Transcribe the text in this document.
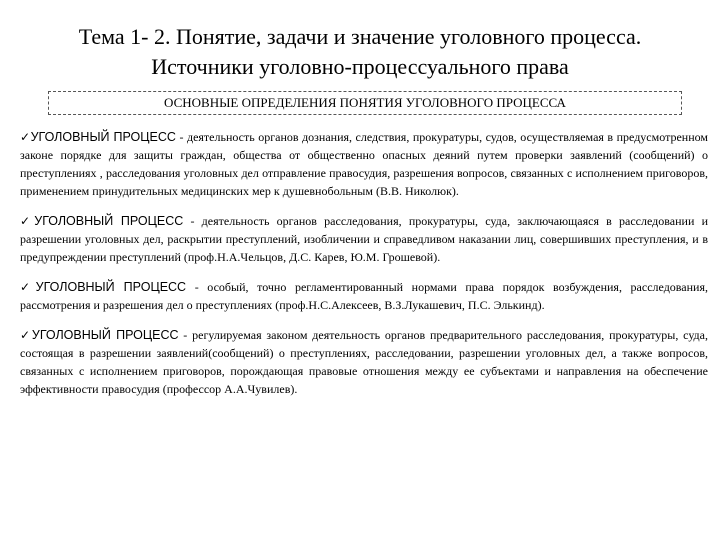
Тема 1- 2. Понятие, задачи и значение уголовного процесса.
Источники уголовно-процессуального права
ОСНОВНЫЕ ОПРЕДЕЛЕНИЯ ПОНЯТИЯ УГОЛОВНОГО ПРОЦЕССА

✓УГОЛОВНЫЙ ПРОЦЕСС - деятельность органов дознания, следствия, прокуратуры, судов, осуществляемая в предусмотренном законе порядке для защиты граждан, общества от общественно опасных деяний путем проверки заявлений (сообщений) о преступлениях , расследования уголовных дел отправление правосудия, разрешения вопросов, связанных с исполнением приговоров, применением принудительных медицинских мер к душевнобольным (В.В. Николюк).

✓УГОЛОВНЫЙ ПРОЦЕСС - деятельность органов расследования, прокуратуры, суда, заключающаяся в расследовании и разрешении уголовных дел, раскрытии преступлений, изобличении и справедливом наказании лиц, совершивших преступления, и в предупреждении преступлений (проф.Н.А.Чельцов, Д.С. Карев, Ю.М. Грошевой).

✓УГОЛОВНЫЙ ПРОЦЕСС - особый, точно регламентированный нормами права порядок возбуждения, расследования, рассмотрения и разрешения дел о преступлениях (проф.Н.С.Алексеев, В.З.Лукашевич, П.С. Элькинд).

✓УГОЛОВНЫЙ ПРОЦЕСС - регулируемая законом деятельность органов предварительного расследования, прокуратуры, суда, состоящая в разрешении заявлений(сообщений) о преступлениях, расследовании, разрешении уголовных дел, а также вопросов, связанных с исполнением приговоров, порождающая правовые отношения между ее субъектами и направления на обеспечение эффективности правосудия (профессор А.А.Чувилев).
